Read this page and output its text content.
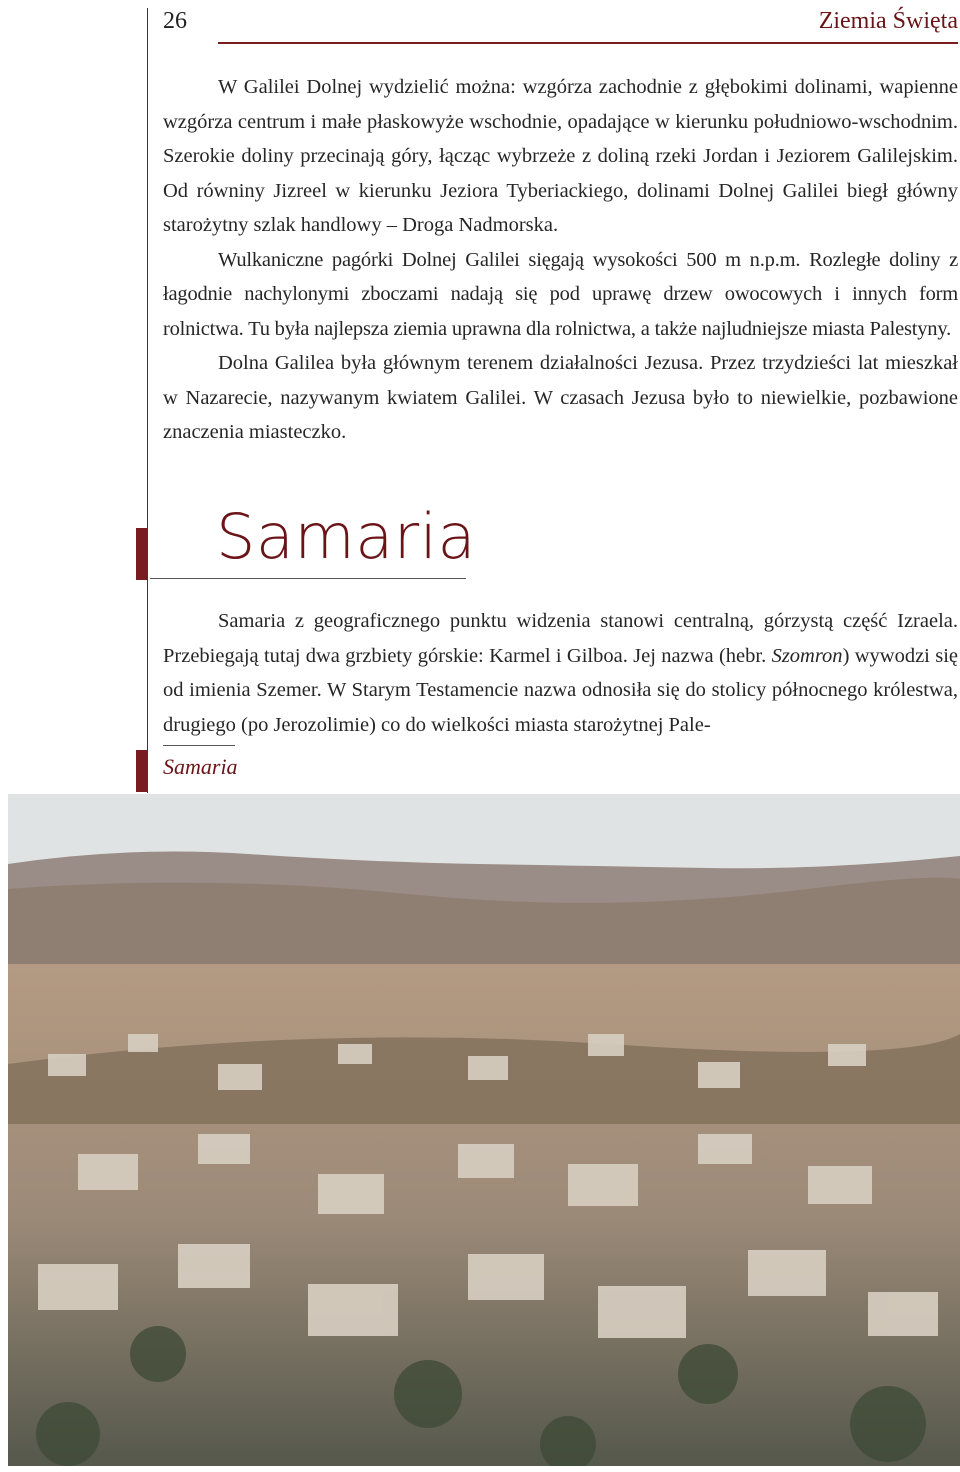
26	Ziemia Święta

W Galilei Dolnej wydzielić można: wzgórza zachodnie z głębokimi dolinami, wapienne wzgórza centrum i małe płaskowyże wschodnie, opadające w kierunku południowo-wschodnim. Szerokie doliny przecinają góry, łącząc wybrzeże z doliną rzeki Jordan i Jeziorem Galilejskim. Od równiny Jizreel w kierunku Jeziora Tyberiackiego, dolinami Dolnej Galilei biegł główny starożytny szlak handlowy – Droga Nadmorska.

Wulkaniczne pagórki Dolnej Galilei sięgają wysokości 500 m n.p.m. Rozległe doliny z łagodnie nachylonymi zboczami nadają się pod uprawę drzew owocowych i innych form rolnictwa. Tu była najlepsza ziemia uprawna dla rolnictwa, a także najludniejsze miasta Palestyny.

Dolna Galilea była głównym terenem działalności Jezusa. Przez trzydzieści lat mieszkał w Nazarecie, nazywanym kwiatem Galilei. W czasach Jezusa było to niewielkie, pozbawione znaczenia miasteczko.

Samaria

Samaria z geograficznego punktu widzenia stanowi centralną, górzystą część Izraela. Przebiegają tutaj dwa grzbiety górskie: Karmel i Gilboa. Jej nazwa (hebr. Szomron) wywodzi się od imienia Szemer. W Starym Testamencie nazwa odnosiła się do stolicy północnego królestwa, drugiego (po Jerozolimie) co do wielkości miasta starożytnej Pale-

Samaria
